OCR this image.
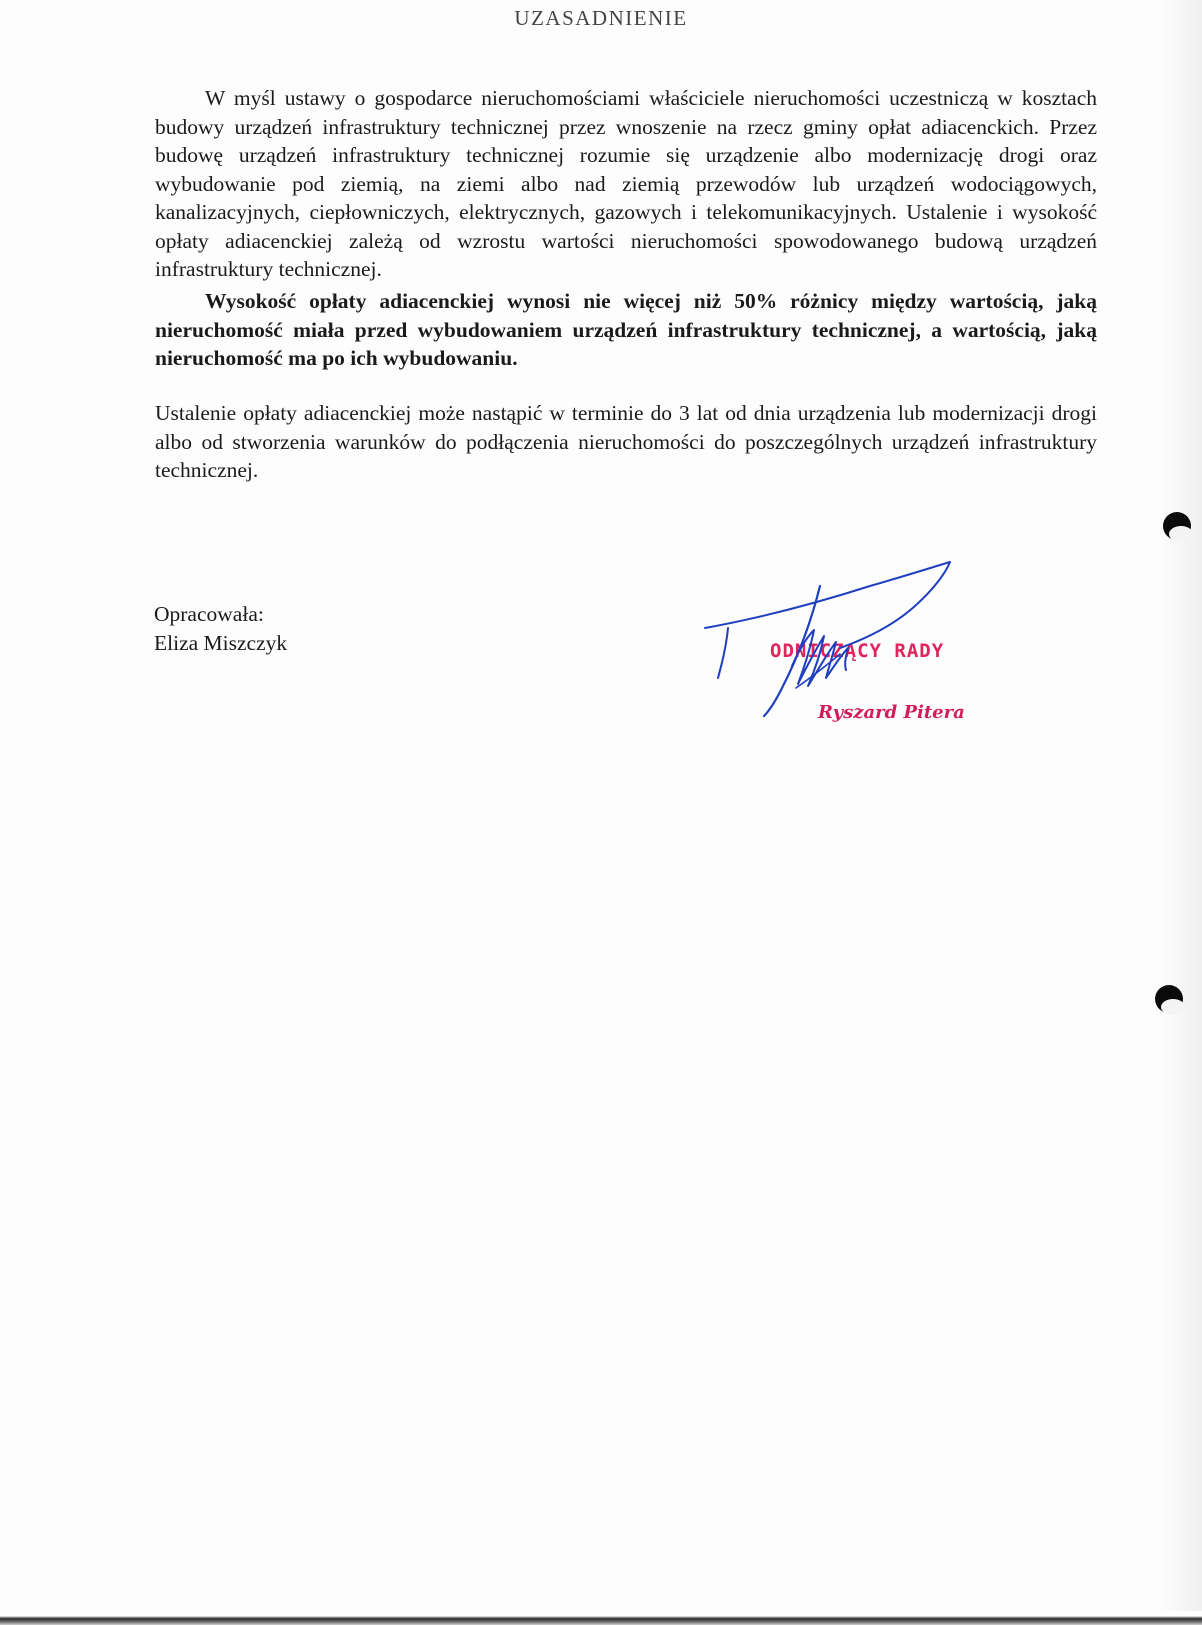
UZASADNIENIE

W myśl ustawy o gospodarce nieruchomościami właściciele nieruchomości uczestniczą w kosztach budowy urządzeń infrastruktury technicznej przez wnoszenie na rzecz gminy opłat adiacenckich. Przez budowę urządzeń infrastruktury technicznej rozumie się urządzenie albo modernizację drogi oraz wybudowanie pod ziemią, na ziemi albo nad ziemią przewodów lub urządzeń wodociągowych, kanalizacyjnych, ciepłowniczych, elektrycznych, gazowych i telekomunikacyjnych. Ustalenie i wysokość opłaty adiacenckiej zależą od wzrostu wartości nieruchomości spowodowanego budową urządzeń infrastruktury technicznej.

Wysokość opłaty adiacenckiej wynosi nie więcej niż 50% różnicy między wartością, jaką nieruchomość miała przed wybudowaniem urządzeń infrastruktury technicznej, a wartością, jaką nieruchomość ma po ich wybudowaniu.

Ustalenie opłaty adiacenckiej może nastąpić w terminie do 3 lat od dnia urządzenia lub modernizacji drogi albo od stworzenia warunków do podłączenia nieruchomości do poszczególnych urządzeń infrastruktury technicznej.

Opracowała:
Eliza Miszczyk	ODNICZĄCY RADY
Ryszard Pitera
